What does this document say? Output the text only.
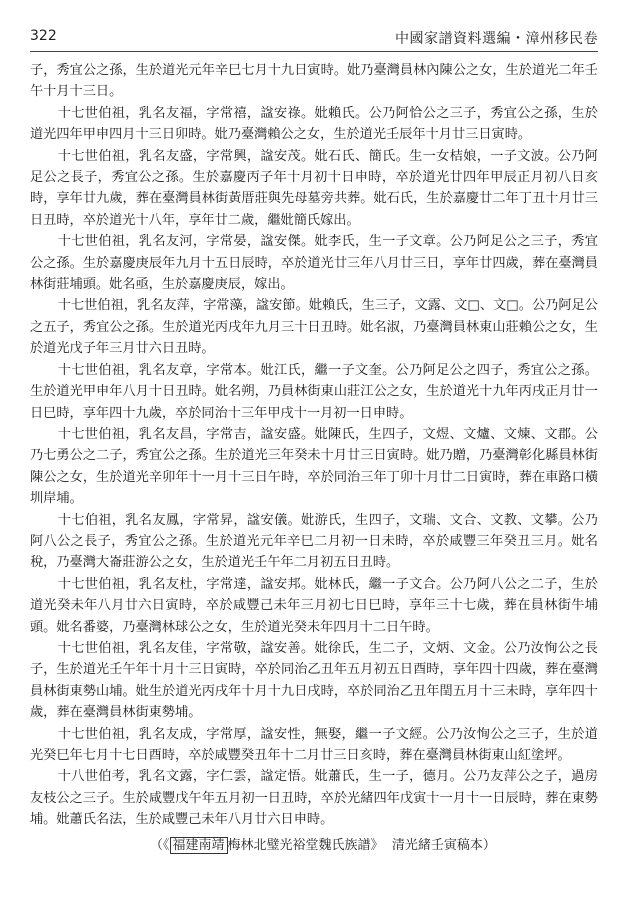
322	中國家譜資料選編・漳州移民卷

子，秀宜公之孫，生於道光元年辛巳七月十九日寅時。妣乃臺灣員林內陳公之女，生於道光二年壬午十月十三日。

十七世伯祖，乳名友福，字常禧，諡安祿。妣賴氏。公乃阿恰公之三子，秀宜公之孫，生於道光四年甲申四月十三日卯時。妣乃臺灣賴公之女，生於道光壬辰年十月廿三日寅時。

十七世伯祖，乳名友盛，字常興，諡安茂。妣石氏、簡氏。生一女桔娘，一子文波。公乃阿足公之長子，秀宜公之孫。生於嘉慶丙子年十月初十日申時，卒於道光廿四年甲辰正月初八日亥時，享年廿九歲，葬在臺灣員林街黃厝莊與先母墓旁共葬。妣石氏，生於嘉慶廿二年丁丑十月廿三日丑時，卒於道光十八年，享年廿二歲，繼妣簡氏嫁出。

十七世伯祖，乳名友河，字常晏，諡安傑。妣李氏，生一子文章。公乃阿足公之三子，秀宜公之孫。生於嘉慶庚辰年九月十五日辰時，卒於道光廿三年八月廿三日，享年廿四歲，葬在臺灣員林街莊埔頭。妣名亟，生於嘉慶庚辰，嫁出。

十七世伯祖，乳名友萍，字常藻，諡安節。妣賴氏，生三子，文露、文□、文□。公乃阿足公之五子，秀宜公之孫。生於道光丙戌年九月三十日丑時。妣名淑，乃臺灣員林東山莊賴公之女，生於道光戊子年三月廿六日丑時。

十七世伯祖，乳名友章，字常本。妣江氏，繼一子文奎。公乃阿足公之四子，秀宜公之孫。生於道光甲申年八月十日丑時。妣名朔，乃員林街東山莊江公之女，生於道光十九年丙戌正月廿一日巳時，享年四十九歲，卒於同治十三年甲戌十一月初一日申時。

十七世伯祖，乳名友昌，字常吉，諡安盛。妣陳氏，生四子，文煜、文爐、文煉、文郡。公乃七勇公之二子，秀宜公之孫。生於道光三年癸未十月廿三日寅時。妣乃贈，乃臺灣彰化縣員林街陳公之女，生於道光辛卯年十一月十三日午時，卒於同治三年丁卯十月廿二日寅時，葬在車路口橫圳岸埔。

十七伯祖，乳名友鳳，字常昇，諡安儀。妣游氏，生四子，文瑞、文合、文教、文攀。公乃阿八公之長子，秀宜公之孫。生於道光元年辛巳二月初一日未時，卒於咸豐三年癸丑三月。妣名稅，乃臺灣大崙莊游公之女，生於道光壬午年二月初五日丑時。

十七世伯祖，乳名友杜，字常達，諡安邦。妣林氏，繼一子文合。公乃阿八公之二子，生於道光癸未年八月廿六日寅時，卒於咸豐己未年三月初七日巳時，享年三十七歲，葬在員林街牛埔頭。妣名番婆，乃臺灣林球公之女，生於道光癸未年四月十二日午時。

十七世伯祖，乳名友佳，字常敬，諡安善。妣徐氏，生二子，文炳、文金。公乃汝恂公之長子，生於道光壬午年十月十三日寅時，卒於同治乙丑年五月初五日酉時，享年四十四歲，葬在臺灣員林街東勢山埔。妣生於道光丙戌年十月十九日戌時，卒於同治乙丑年閏五月十三未時，享年四十歲，葬在臺灣員林街東勢埔。

十七世伯祖，乳名友成，字常厚，諡安性，無娶，繼一子文經。公乃汝恂公之三子，生於道光癸巳年七月十七日酉時，卒於咸豐癸丑年十二月廿三日亥時，葬在臺灣員林街東山紅塗坪。

十八世伯考，乳名文露，字仁雲，諡定悟。妣蕭氏，生一子，德月。公乃友萍公之子，過房友枝公之三子。生於咸豐戊午年五月初一日丑時，卒於光緒四年戊寅十一月十一日辰時，葬在東勢埔。妣蕭氏名法，生於咸豐己未年八月廿六日申時。

（《 福建南靖 梅林北璧光裕堂魏氏族譜》 清光緒壬寅稿本）
